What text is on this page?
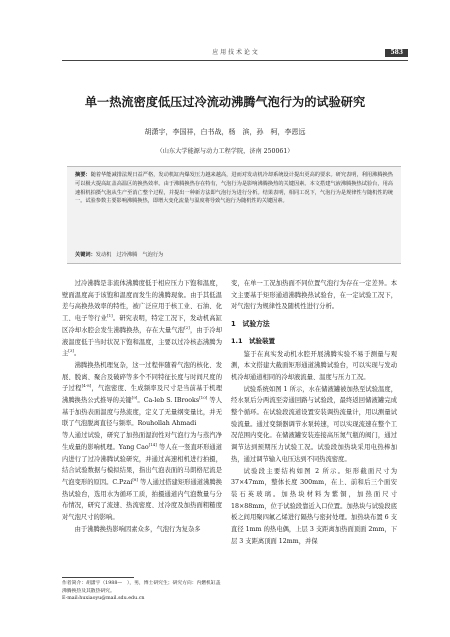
应 用 技 术 论 文	583
单一热流密度低压过冷流动沸腾气泡行为的试验研究
胡潇宇，李国祥，白书战，杨　滨，孙　柯，李恩远
（山东大学能源与动力工程学院，济南 250061）
摘要：随着华能减排法规日益严格，发动机缸内爆发压力越来越高，进而对发动机冷却系统设计提出更高的要求。研究表明，利用沸腾换热可以极大提高缸盖高温区的换热效率。由于沸腾换热存在特有，气泡行为是影响沸腾换热的关键因素。本文搭建气液沸腾换热试验台，用高速相机拍摄气泡从生产至消亡整个过程，并提出一种新方法即气泡行为进行分析。结果表明，相同工况下，气泡行为是规律性与随机性的统一。试验参数主要影响沸腾换热，即增大变化流量与温度将导致气泡行为随机性的关键因素。
关键词：发动机　过冷沸腾　气泡行为

过冷沸腾是非流体沸腾度低于相应压力下饱和温度，壁面温度高于该饱和温度而发生的沸腾现象。由于其低温差与高换热效率的特性，被广泛应用于核工业、石油、化工、电子等行业[1]。研究表明，特定工况下，发动机高缸区冷却水腔会发生沸腾换热，存在大量气泡[2]，由于冷却液温度低于当时状况下饱和温度，主要以过冷核态沸腾为主[3]。

沸腾换热机理复杂，这一过程伴随着气泡的核化、发展、脱离、聚合及破碎等多个不同特征长度与时间尺度的子过程[4-8]，气泡密度、生成频率及尺寸是当前基于机理沸腾换热公式推导的关键[9]。Ca-leb S. IBrooks[10] 等人基于加热表面温度与热流度，定义了无量纲变量比，并无联了气泡脱离直径与频率。Rouhollah Ahmadi

等人通过试验，研究了加热面湿润性对气泡行为与蒸汽净生成量的影响机理。Yang Cao[14] 等人在一竖直环形通道内进行了过冷沸腾试验研究，并通过高速相机进行拍摄，结合试验数据与模拟结果，指出气泡表面的马朗格尼流是气泡变形的原因。C.Pzai[8] 等人通过搭建矩形通道沸腾换热试验台，选用水为循环工质，拍摄通道内气泡数量与分布情况，研究了流速、热流密度、过冷度及加热面粗糙度对气泡尺寸的影响。

由于沸腾换热影响因素众多，气泡行为复杂多

作者简介：胡潇宇（1988—　），男，博士研究生；研究方向：内燃机缸盖沸腾换热及其散热研究。
E-mail:huxiaoyu@mail.sdu.edu.cn

变，在单一工况加热面不同位置气泡行为存在一定差异。本文主要基于矩形通道沸腾换热试验台，在一定试验工况下，对气泡行为规律性及随机性进行分析。

1　试验方法
1.1　试验装置

鉴于在真实发动机水腔开展沸腾实验不易于测量与观测，本文搭建大截面矩形通道沸腾试验台，可以实现与发动机冷却通道相同的冷却液流量、温度与压力工况。

试验系统如图 1 所示，水在储液罐被加热至试验温度，经水泵后分两流至旁通回路与试验段，最终返回储液罐完成整个循环。在试验段流道设置安装调热流量计，用以测量试验流量。通过变频器调节水泵转速，可以实现流速在整个工况范围内变化。在储液罐安装连接高压氮气瓶的阀门，通过调节达到预期压力试验工况。试验段加热块采用电热棒加热，通过调节输入电压达到不同热流密度。

试验段主要结构如图 2 所示。矩形截面尺寸为 37×47mm，整体长度 300mm，在上、前和后三个面安装石英玻璃。加热块材料为紫铜，加热面尺寸 18×88mm，位于试验段靠近入口位置。加热块与试验段底板之间用聚四氟乙烯进行隔热与密封处理。加热块布置 6 支直径 1mm 的热电偶，上层 3 支距离加热面顶面 2mm，下层 3 支距离顶面 12mm，并保
